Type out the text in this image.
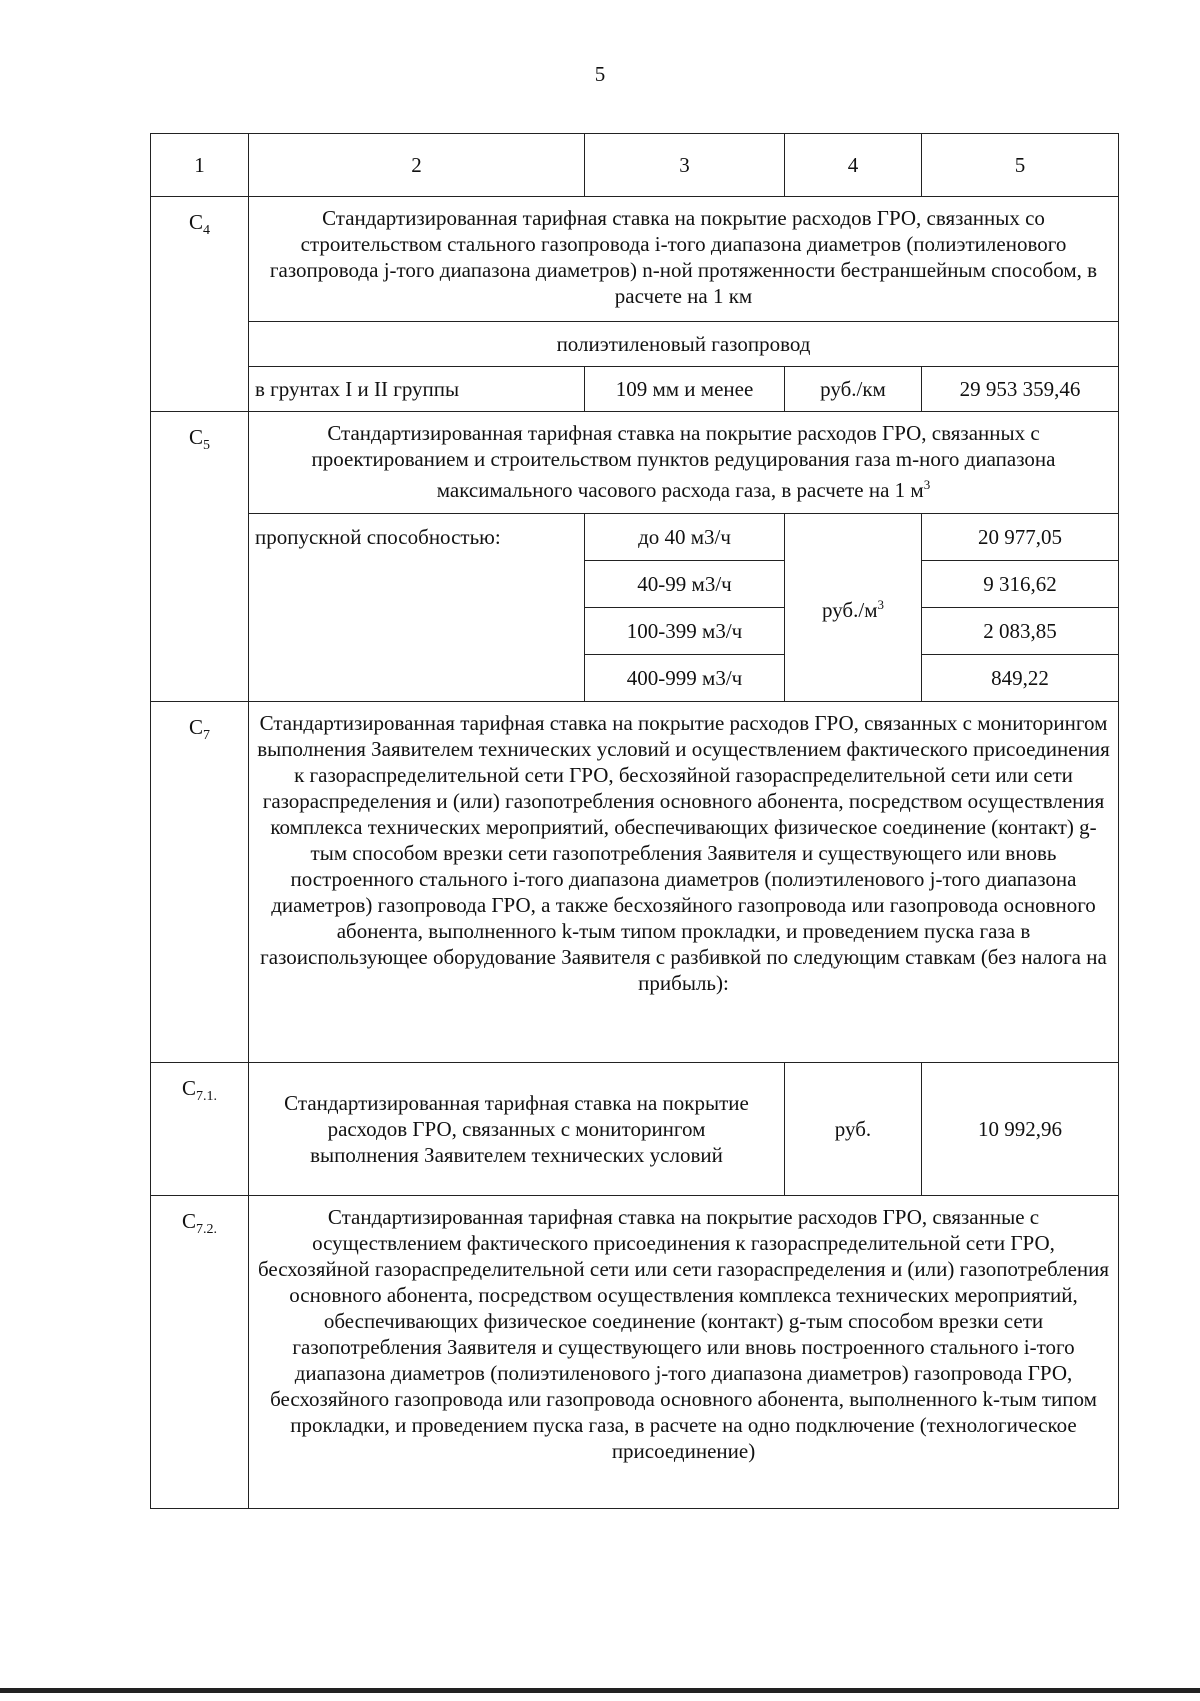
5
1	2	3	4	5
$С_4$	Стандартизированная тарифная ставка на покрытие расходов ГРО, связанных со строительством стального газопровода i-того диапазона диаметров (полиэтиленового газопровода j-того диапазона диаметров) n-ной протяженности бестраншейным способом, в расчете на 1 км			
	полиэтиленовый газопровод			
	в грунтах I и II группы	109 мм и менее	руб./км	29 953 359,46
$С_5$	Стандартизированная тарифная ставка на покрытие расходов ГРО, связанных с проектированием и строительством пунктов редуцирования газа m-ного диапазона максимального часового расхода газа, в расчете на 1 $м^3$
	пропускной способностью:	до 40 м3/ч	$руб./м^3$	20 977,05
		40-99 м3/ч		9 316,62
		100-399 м3/ч		2 083,85
		400-999 м3/ч		849,22
$С_7$	Стандартизированная тарифная ставка на покрытие расходов ГРО, связанных с мониторингом выполнения Заявителем технических условий и осуществлением фактического присоединения к газораспределительной сети ГРО, бесхозяйной газораспределительной сети или сети газораспределения и (или) газопотребления основного абонента, посредством осуществления комплекса технических мероприятий, обеспечивающих физическое соединение (контакт) g-тым способом врезки сети газопотребления Заявителя и существующего или вновь построенного стального i-того диапазона диаметров (полиэтиленового j-того диапазона диаметров) газопровода ГРО, а также бесхозяйного газопровода или газопровода основного абонента, выполненного k-тым типом прокладки, и проведением пуска газа в газоиспользующее оборудование Заявителя с разбивкой по следующим ставкам (без налога на прибыль):			
$С_{7.1.}$	Стандартизированная тарифная ставка на покрытие расходов ГРО, связанных с мониторингом выполнения Заявителем технических условий		руб.	10 992,96
$С_{7.2.}$	Стандартизированная тарифная ставка на покрытие расходов ГРО, связанные с осуществлением фактического присоединения к газораспределительной сети ГРО, бесхозяйной газораспределительной сети или сети газораспределения и (или) газопотребления основного абонента, посредством осуществления комплекса технических мероприятий, обеспечивающих физическое соединение (контакт) g-тым способом врезки сети газопотребления Заявителя и существующего или вновь построенного стального i-того диапазона диаметров (полиэтиленового j-того диапазона диаметров) газопровода ГРО, бесхозяйного газопровода или газопровода основного абонента, выполненного k-тым типом прокладки, и проведением пуска газа, в расчете на одно подключение (технологическое присоединение)			
